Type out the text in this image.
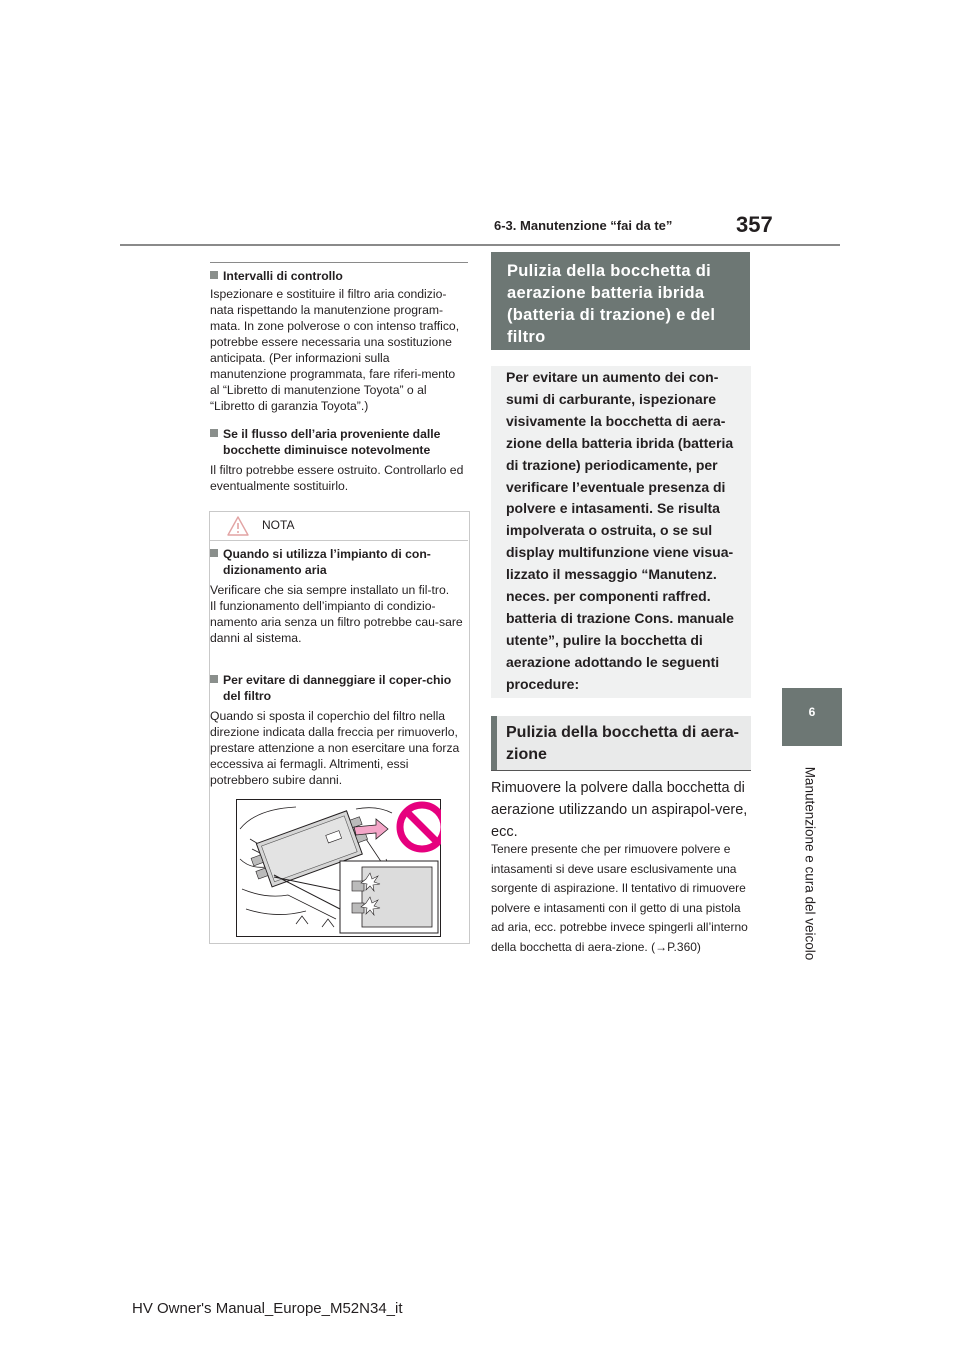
6-3. Manutenzione “fai da te”	357
6
Manutenzione e cura del veicolo
Intervalli di controllo
Ispezionare e sostituire il filtro aria condizio-nata rispettando la manutenzione program-mata. In zone polverose o con intenso traffico, potrebbe essere necessaria una sostituzione anticipata. (Per informazioni sulla manutenzione programmata, fare riferi-mento al “Libretto di manutenzione Toyota” o al “Libretto di garanzia Toyota”.)
Se il flusso dell’aria proveniente dalle bocchette diminuisce notevolmente
Il filtro potrebbe essere ostruito. Controllarlo ed eventualmente sostituirlo.
NOTA
Quando si utilizza l’impianto di con-dizionamento aria
Verificare che sia sempre installato un fil-tro.
Il funzionamento dell’impianto di condizio-namento aria senza un filtro potrebbe cau-sare danni al sistema.
Per evitare di danneggiare il coper-chio del filtro
Quando si sposta il coperchio del filtro nella direzione indicata dalla freccia per rimuoverlo, prestare attenzione a non esercitare una forza eccessiva ai fermagli. Altrimenti, essi potrebbero subire danni.
Pulizia della bocchetta di aerazione batteria ibrida (batteria di trazione) e del filtro
Per evitare un aumento dei con-sumi di carburante, ispezionare visivamente la bocchetta di aera-zione della batteria ibrida (batteria di trazione) periodicamente, per verificare l’eventuale presenza di polvere e intasamenti. Se risulta impolverata o ostruita, o se sul display multifunzione viene visua-lizzato il messaggio “Manutenz. neces. per componenti raffred. batteria di trazione Cons. manuale utente”, pulire la bocchetta di aerazione adottando le seguenti procedure:
Pulizia della bocchetta di aera-zione
Rimuovere la polvere dalla bocchetta di aerazione utilizzando un aspirapol-vere, ecc.
Tenere presente che per rimuovere polvere e intasamenti si deve usare esclusivamente una sorgente di aspirazione. Il tentativo di rimuovere polvere e intasamenti con il getto di una pistola ad aria, ecc. potrebbe invece spingerli all’interno della bocchetta di aera-zione. (→P.360)
HV Owner's Manual_Europe_M52N34_it
